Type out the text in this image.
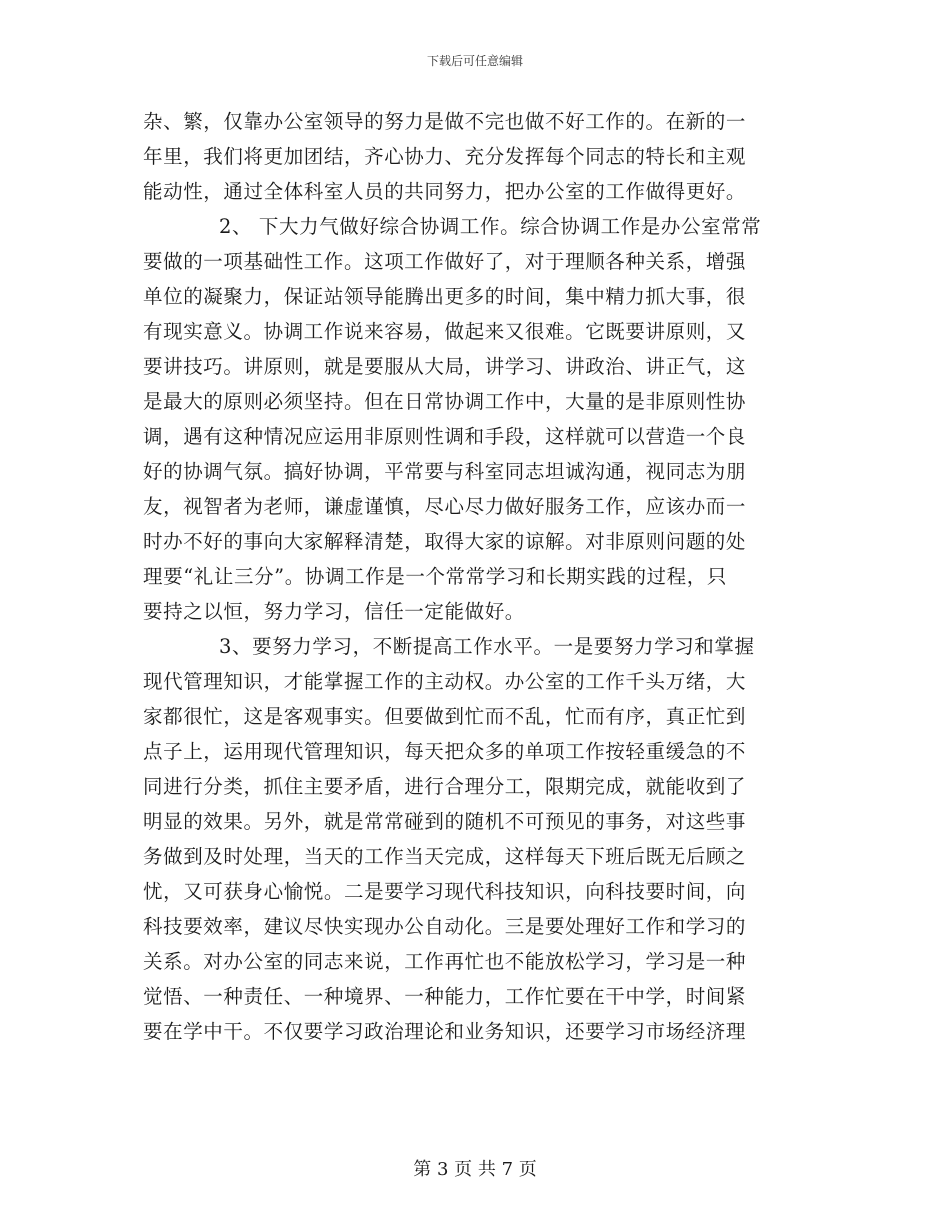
下载后可任意编辑
杂、繁，仅靠办公室领导的努力是做不完也做不好工作的。在新的一
年里，我们将更加团结，齐心协力、充分发挥每个同志的特长和主观
能动性，通过全体科室人员的共同努力，把办公室的工作做得更好。
2、 下大力气做好综合协调工作。综合协调工作是办公室常常
要做的一项基础性工作。这项工作做好了，对于理顺各种关系，增强
单位的凝聚力，保证站领导能腾出更多的时间，集中精力抓大事，很
有现实意义。协调工作说来容易，做起来又很难。它既要讲原则，又
要讲技巧。讲原则，就是要服从大局，讲学习、讲政治、讲正气，这
是最大的原则必须坚持。但在日常协调工作中，大量的是非原则性协
调，遇有这种情况应运用非原则性调和手段，这样就可以营造一个良
好的协调气氛。搞好协调，平常要与科室同志坦诚沟通，视同志为朋
友，视智者为老师，谦虚谨慎，尽心尽力做好服务工作，应该办而一
时办不好的事向大家解释清楚，取得大家的谅解。对非原则问题的处
理要“礼让三分”。协调工作是一个常常学习和长期实践的过程，只
要持之以恒，努力学习，信任一定能做好。
3、要努力学习，不断提高工作水平。一是要努力学习和掌握
现代管理知识，才能掌握工作的主动权。办公室的工作千头万绪，大
家都很忙，这是客观事实。但要做到忙而不乱，忙而有序，真正忙到
点子上，运用现代管理知识，每天把众多的单项工作按轻重缓急的不
同进行分类，抓住主要矛盾，进行合理分工，限期完成，就能收到了
明显的效果。另外，就是常常碰到的随机不可预见的事务，对这些事
务做到及时处理，当天的工作当天完成，这样每天下班后既无后顾之
忧，又可获身心愉悦。二是要学习现代科技知识，向科技要时间，向
科技要效率，建议尽快实现办公自动化。三是要处理好工作和学习的
关系。对办公室的同志来说，工作再忙也不能放松学习，学习是一种
觉悟、一种责任、一种境界、一种能力，工作忙要在干中学，时间紧
要在学中干。不仅要学习政治理论和业务知识，还要学习市场经济理
第 3 页 共 7 页
